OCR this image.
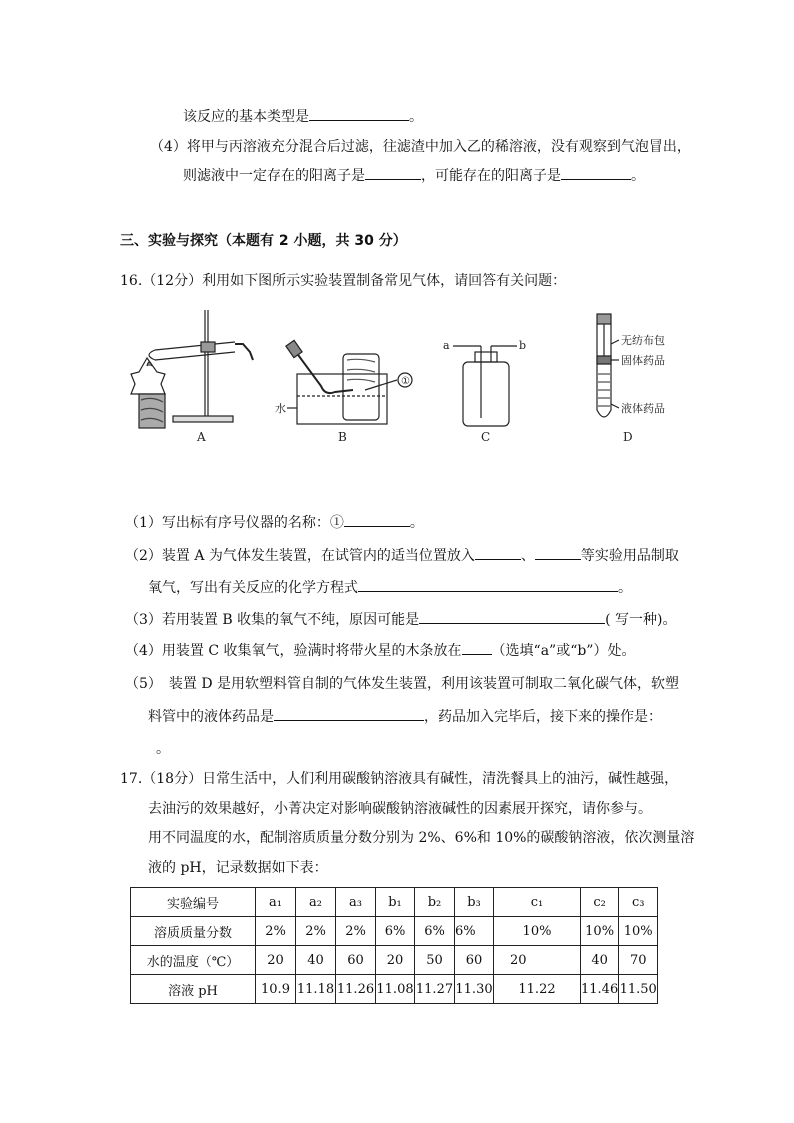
该反应的基本类型是	。
（4）将甲与丙溶液充分混合后过滤，往滤渣中加入乙的稀溶液，没有观察到气泡冒出，
则滤液中一定存在的阳离子是	，可能存在的阳离子是	。
三、实验与探究（本题有 2 小题，共 30 分）
16.（12分）利用如下图所示实验装置制备常见气体，请回答有关问题：
①
水
a	b	无纺布包
固体药品
液体药品
A	B	C	D
（1）写出标有序号仪器的名称：①	。
（2）装置 A 为气体发生装置，在试管内的适当位置放入	、	等实验用品制取
氧气，写出有关反应的化学方程式	。
（3）若用装置 B 收集的氧气不纯，原因可能是	( 写一种)。
（4）用装置 C 收集氧气，验满时将带火星的木条放在 （选填“a”或“b”）处。
（5）　装置 D 是用软塑料管自制的气体发生装置，利用该装置可制取二氧化碳气体，软塑
料管中的液体药品是	，药品加入完毕后，接下来的操作是：
。
17.（18分）日常生活中，人们利用碳酸钠溶液具有碱性，清洗餐具上的油污，碱性越强，
去油污的效果越好，小菁决定对影响碳酸钠溶液碱性的因素展开探究，请你参与。
用不同温度的水，配制溶质质量分数分别为 2%、6%和 10%的碳酸钠溶液，依次测量溶
液的 pH，记录数据如下表：
实验编号	a₁	a₂	a₃	b₁	b₂	b₃	c₁	c₂	c₃
溶质质量分数	2%	2%	2%	6%	6%	6%	10%	10%	10%
水的温度（℃）	20	40	60	20	50	60	20	40	70
溶液 pH	10.9	11.18	11.26	11.08	11.27	11.30	11.22	11.46	11.50
